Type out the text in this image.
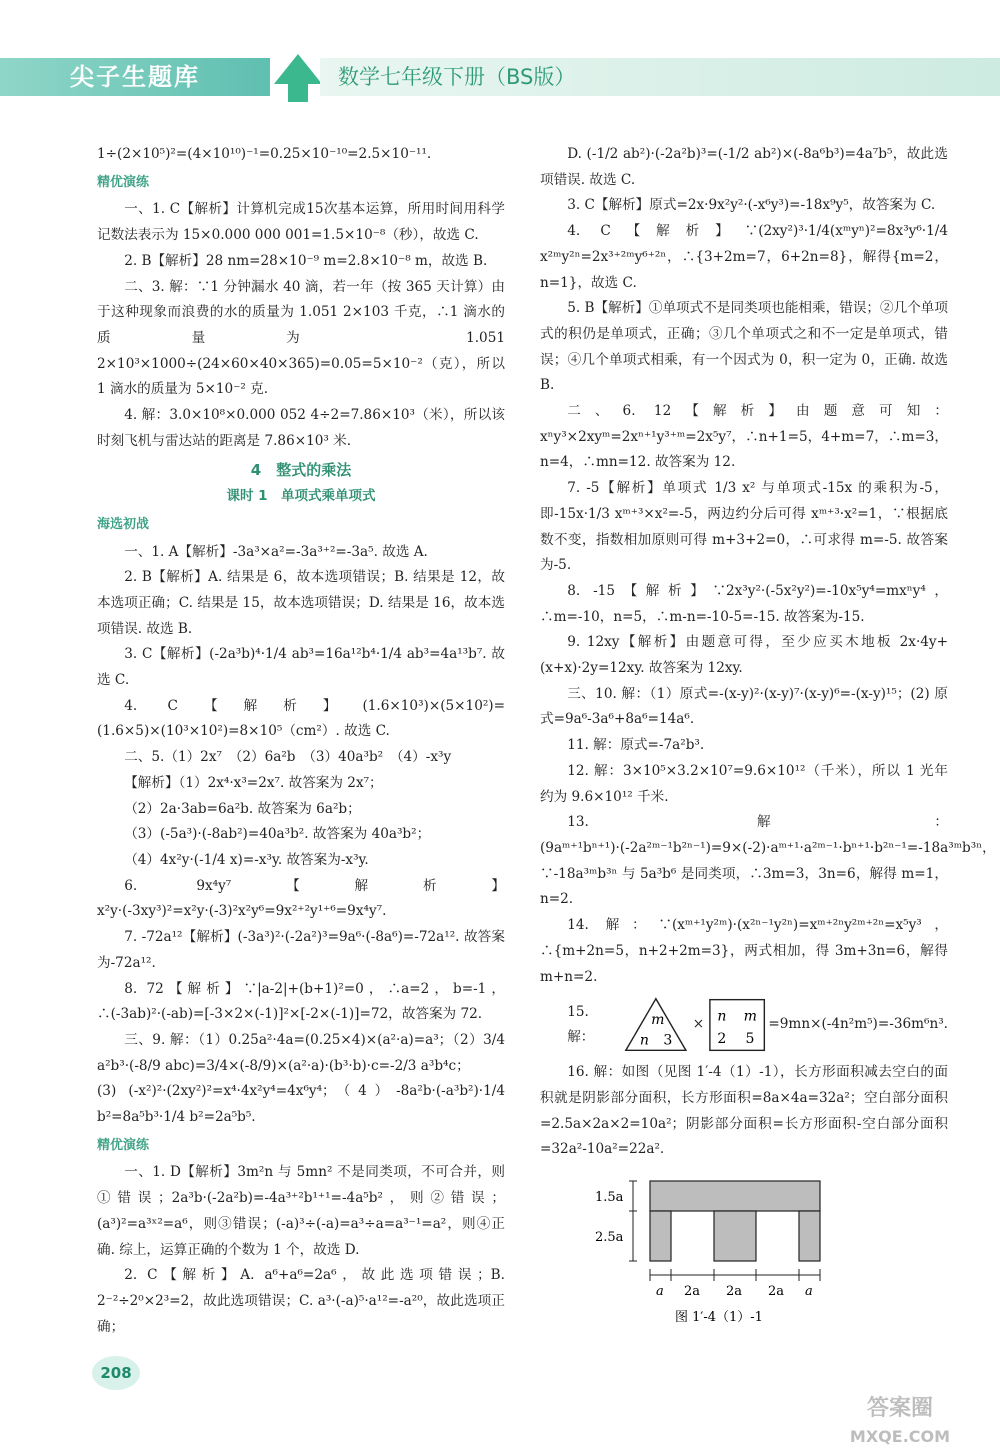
尖子生题库	数学七年级下册（BS版）

1÷(2×10⁵)²=(4×10¹⁰)⁻¹=0.25×10⁻¹⁰=2.5×10⁻¹¹.

精优演练

一、1. C【解析】计算机完成15次基本运算，所用时间用科学记数法表示为 15×0.000 000 001=1.5×10⁻⁸（秒），故选 C.

2. B【解析】28 nm=28×10⁻⁹ m=2.8×10⁻⁸ m，故选 B.

二、3. 解：∵1 分钟漏水 40 滴，若一年（按 365 天计算）由于这种现象而浪费的水的质量为 1.051 2×103 千克，∴1 滴水的质量为 1.051 2×10³×1000÷(24×60×40×365)=0.05=5×10⁻²（克），所以 1 滴水的质量为 5×10⁻² 克.

4. 解：3.0×10⁸×0.000 052 4÷2=7.86×10³（米），所以该时刻飞机与雷达站的距离是 7.86×10³ 米.

4　整式的乘法

课时 1　单项式乘单项式

海选初战

一、1. A【解析】-3a³×a²=-3a³⁺²=-3a⁵. 故选 A.

2. B【解析】A. 结果是 6，故本选项错误；B. 结果是 12，故本选项正确；C. 结果是 15，故本选项错误；D. 结果是 16，故本选项错误. 故选 B.

3. C【解析】(-2a³b)⁴·1/4 ab³=16a¹²b⁴·1/4 ab³=4a¹³b⁷. 故选 C.

4. C【解析】(1.6×10³)×(5×10²)=(1.6×5)×(10³×10²)=8×10⁵（cm²）. 故选 C.

二、5.（1）2x⁷　（2）6a²b　（3）40a³b²　（4）-x³y

【解析】（1）2x⁴·x³=2x⁷. 故答案为 2x⁷；

（2）2a·3ab=6a²b. 故答案为 6a²b；

（3）(-5a³)·(-8ab²)=40a³b². 故答案为 40a³b²；

（4）4x²y·(-1/4 x)=-x³y. 故答案为-x³y.

6. 9x⁴y⁷【解析】x²y·(-3xy³)²=x²y·(-3)²x²y⁶=9x²⁺²y¹⁺⁶=9x⁴y⁷.

7. -72a¹²【解析】(-3a³)²·(-2a²)³=9a⁶·(-8a⁶)=-72a¹². 故答案为-72a¹².

8. 72【解析】∵|a-2|+(b+1)²=0，∴a=2，b=-1，∴(-3ab)²·(-ab)=[-3×2×(-1)]²×[-2×(-1)]=72，故答案为 72.

三、9. 解：（1）0.25a²·4a=(0.25×4)×(a²·a)=a³；（2）3/4 a²b³·(-8/9 abc)=3/4×(-8/9)×(a²·a)·(b³·b)·c=-2/3 a³b⁴c；

(3) (-x²)²·(2xy²)²=x⁴·4x²y⁴=4x⁶y⁴；（4）-8a²b·(-a³b²)·1/4 b²=8a⁵b³·1/4 b²=2a⁵b⁵.

精优演练

一、1. D【解析】3m²n 与 5mn² 不是同类项，不可合并，则①错误；2a³b·(-2a²b)=-4a³⁺²b¹⁺¹=-4a⁵b²，则②错误；(a³)²=a³ˣ²=a⁶，则③错误；(-a)³÷(-a)=a³÷a=a³⁻¹=a²，则④正确. 综上，运算正确的个数为 1 个，故选 D.

2. C【解析】A. a⁶+a⁶=2a⁶，故此选项错误；B. 2⁻²÷2⁰×2³=2，故此选项错误；C. a³·(-a)⁵·a¹²=-a²⁰，故此选项正确；

D. (-1/2 ab²)·(-2a²b)³=(-1/2 ab²)×(-8a⁶b³)=4a⁷b⁵，故此选项错误. 故选 C.

3. C【解析】原式=2x·9x²y²·(-x⁶y³)=-18x⁹y⁵，故答案为 C.

4. C【解析】∵(2xy²)³·1/4(xᵐyⁿ)²=8x³y⁶·1/4 x²ᵐy²ⁿ=2x³⁺²ᵐy⁶⁺²ⁿ，∴{3+2m=7，6+2n=8}，解得{m=2，n=1}，故选 C.

5. B【解析】①单项式不是同类项也能相乘，错误；②几个单项式的积仍是单项式，正确；③几个单项式之和不一定是单项式，错误；④几个单项式相乘，有一个因式为 0，积一定为 0，正确. 故选 B.

二、6. 12【解析】由题意可知：xⁿy³×2xyᵐ=2xⁿ⁺¹y³⁺ᵐ=2x⁵y⁷，∴n+1=5，4+m=7，∴m=3，n=4，∴mn=12. 故答案为 12.

7. -5【解析】单项式 1/3 x² 与单项式-15x 的乘积为-5，即-15x·1/3 xᵐ⁺³×x²=-5，两边约分后可得 xᵐ⁺³·x²=1，∵根据底数不变，指数相加原则可得 m+3+2=0，∴可求得 m=-5. 故答案为-5.

8. -15【解析】∵2x³y²·(-5x²y²)=-10x⁵y⁴=mxⁿy⁴，∴m=-10，n=5，∴m-n=-10-5=-15. 故答案为-15.

9. 12xy【解析】由题意可得，至少应买木地板 2x·4y+(x+x)·2y=12xy. 故答案为 12xy.

三、10. 解：（1）原式=-(x-y)²·(x-y)⁷·(x-y)⁶=-(x-y)¹⁵；(2) 原式=9a⁶-3a⁶+8a⁶=14a⁶.

11. 解：原式=-7a²b³.

12. 解：3×10⁵×3.2×10⁷=9.6×10¹²（千米），所以 1 光年约为 9.6×10¹² 千米.

13. 解：(9aᵐ⁺¹bⁿ⁺¹)·(-2a²ᵐ⁻¹b²ⁿ⁻¹)=9×(-2)·aᵐ⁺¹·a²ᵐ⁻¹·bⁿ⁺¹·b²ⁿ⁻¹=-18a³ᵐb³ⁿ，∵-18a³ᵐb³ⁿ 与 5a³b⁶ 是同类项，∴3m=3，3n=6，解得 m=1，n=2.

14. 解：∵(xᵐ⁺¹y²ᵐ)·(x²ⁿ⁻¹y²ⁿ)=xᵐ⁺²ⁿy²ᵐ⁺²ⁿ=x⁵y³，∴{m+2n=5，n+2+2m=3}，两式相加，得 3m+3n=6，解得 m+n=2.

15. 解：
m
n 3
× n m
2 5
=9mn×(-4n²m⁵)=-36m⁶n³.

16. 解：如图（见图 1′-4（1）-1），长方形面积减去空白的面积就是阴影部分面积，长方形面积=8a×4a=32a²；空白部分面积=2.5a×2a×2=10a²；阴影部分面积=长方形面积-空白部分面积=32a²-10a²=22a².

1.5a
2.5a
a 2a 2a 2a a
图 1′-4（1）-1
208
答案圈
MXQE.COM
